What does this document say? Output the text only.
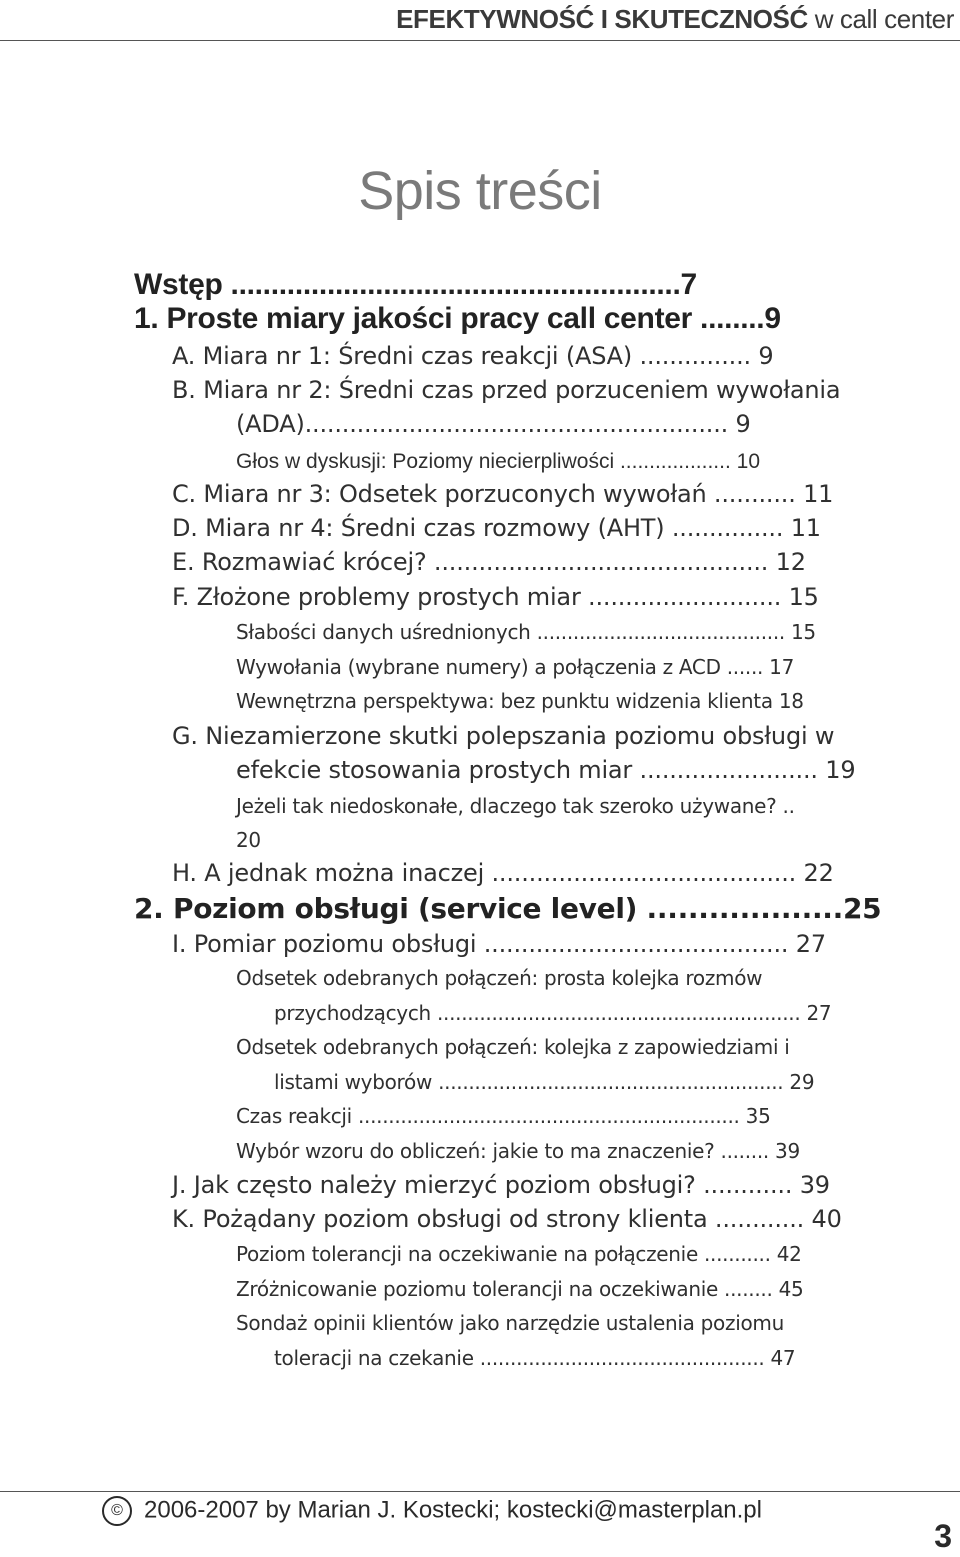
EFEKTYWNOŚĆ I SKUTECZNOŚĆ w call center
Spis treści
Wstęp ........................................................7
1. Proste miary jakości pracy call center ........9
A. Miara nr 1: Średni czas reakcji (ASA) ............... 9
B. Miara nr 2: Średni czas przed porzuceniem wywołania
(ADA)......................................................... 9
Głos w dyskusji: Poziomy niecierpliwości ................... 10
C. Miara nr 3: Odsetek porzuconych wywołań ........... 11
D. Miara nr 4: Średni czas rozmowy (AHT) ............... 11
E. Rozmawiać krócej? ............................................. 12
F. Złożone problemy prostych miar .......................... 15
Słabości danych uśrednionych ......................................... 15
Wywołania (wybrane numery) a połączenia z ACD ...... 17
Wewnętrzna perspektywa: bez punktu widzenia klienta 18
G. Niezamierzone skutki polepszania poziomu obsługi w
efekcie stosowania prostych miar ........................ 19
Jeżeli tak niedoskonałe, dlaczego tak szeroko używane? ..
20
H. A jednak można inaczej ......................................... 22
2. Poziom obsługi (service level) ...................25
I. Pomiar poziomu obsługi ......................................... 27
Odsetek odebranych połączeń: prosta kolejka rozmów
przychodzących ............................................................ 27
Odsetek odebranych połączeń: kolejka z zapowiedziami i
listami wyborów ......................................................... 29
Czas reakcji ............................................................... 35
Wybór wzoru do obliczeń: jakie to ma znaczenie? ........ 39
J. Jak często należy mierzyć poziom obsługi? ............ 39
K. Pożądany poziom obsługi od strony klienta ............ 40
Poziom tolerancji na oczekiwanie na połączenie ........... 42
Zróżnicowanie poziomu tolerancji na oczekiwanie ........ 45
Sondaż opinii klientów jako narzędzie ustalenia poziomu
toleracji na czekanie ............................................... 47
© 2006-2007 by Marian J. Kostecki; kostecki@masterplan.pl
3
